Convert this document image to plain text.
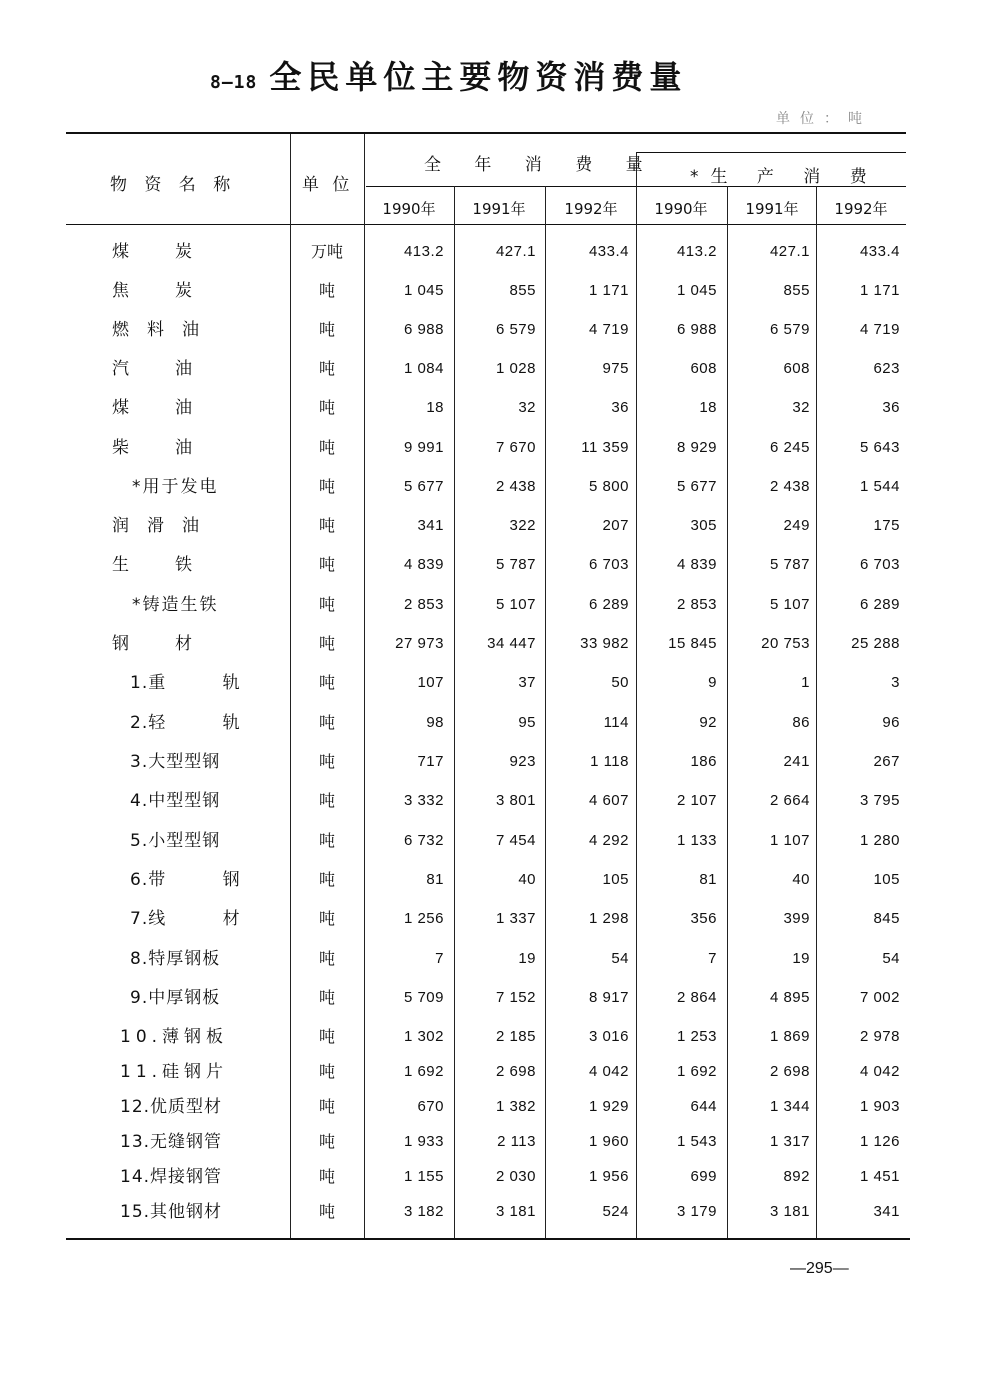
8—18 全民单位主要物资消费量
单位：吨
物 资 名 称	单 位
全 年 消 费 量
*生 产 消 费
1990年	1991年	1992年	1990年	1991年	1992年
煤炭	万吨	413.2	427.1	433.4	413.2	427.1	433.4
焦炭	吨	1 045	855	1 171	1 045	855	1 171
燃料油	吨	6 988	6 579	4 719	6 988	6 579	4 719
汽油	吨	1 084	1 028	975	608	608	623
煤油	吨	18	32	36	18	32	36
柴油	吨	9 991	7 670	11 359	8 929	6 245	5 643
*用于发电	吨	5 677	2 438	5 800	5 677	2 438	1 544
润滑油	吨	341	322	207	305	249	175
生铁	吨	4 839	5 787	6 703	4 839	5 787	6 703
*铸造生铁	吨	2 853	5 107	6 289	2 853	5 107	6 289
钢材	吨	27 973	34 447	33 982	15 845	20 753	25 288
1.重 轨	吨	107	37	50	9	1	3
2.轻 轨	吨	98	95	114	92	86	96
3.大型型钢	吨	717	923	1 118	186	241	267
4.中型型钢	吨	3 332	3 801	4 607	2 107	2 664	3 795
5.小型型钢	吨	6 732	7 454	4 292	1 133	1 107	1 280
6.带 钢	吨	81	40	105	81	40	105
7.线 材	吨	1 256	1 337	1 298	356	399	845
8.特厚钢板	吨	7	19	54	7	19	54
9.中厚钢板	吨	5 709	7 152	8 917	2 864	4 895	7 002
10.薄钢板	吨	1 302	2 185	3 016	1 253	1 869	2 978
11.硅钢片	吨	1 692	2 698	4 042	1 692	2 698	4 042
12.优质型材	吨	670	1 382	1 929	644	1 344	1 903
13.无缝钢管	吨	1 933	2 113	1 960	1 543	1 317	1 126
14.焊接钢管	吨	1 155	2 030	1 956	699	892	1 451
15.其他钢材	吨	3 182	3 181	524	3 179	3 181	341
—295—
